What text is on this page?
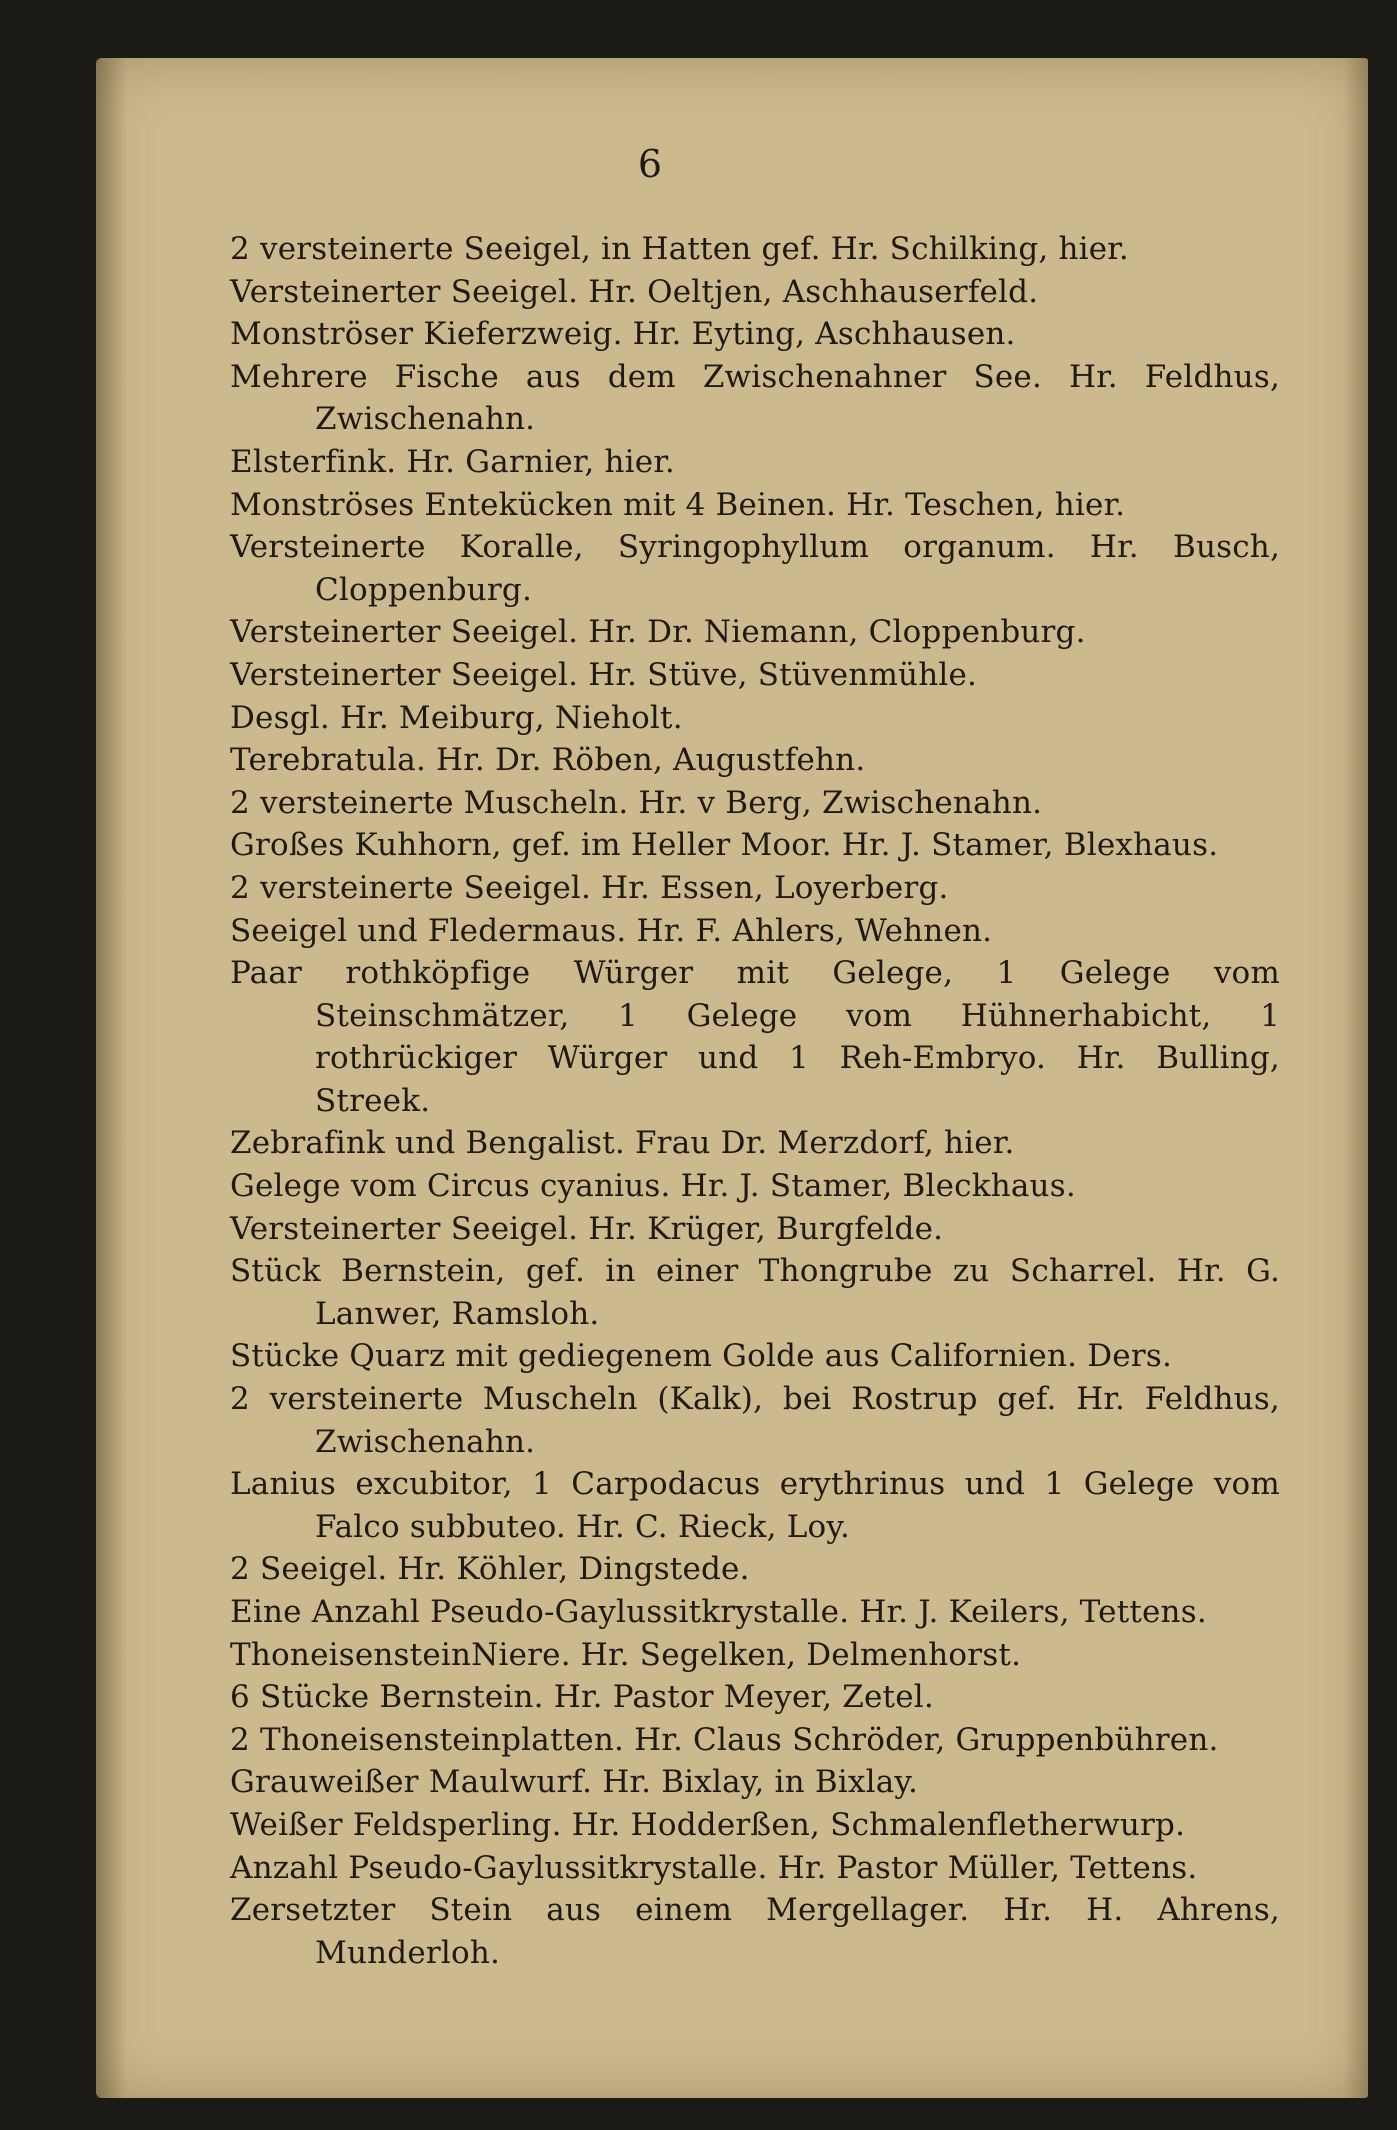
6
2 versteinerte Seeigel, in Hatten gef. Hr. Schilking, hier.
Versteinerter Seeigel. Hr. Oeltjen, Aschhauserfeld.
Monströser Kieferzweig. Hr. Eyting, Aschhausen.
Mehrere Fische aus dem Zwischenahner See. Hr. Feldhus, Zwischenahn.
Elsterfink. Hr. Garnier, hier.
Monströses Entekücken mit 4 Beinen. Hr. Teschen, hier.
Versteinerte Koralle, Syringophyllum organum. Hr. Busch, Cloppenburg.
Versteinerter Seeigel. Hr. Dr. Niemann, Cloppenburg.
Versteinerter Seeigel. Hr. Stüve, Stüvenmühle.
Desgl. Hr. Meiburg, Nieholt.
Terebratula. Hr. Dr. Röben, Augustfehn.
2 versteinerte Muscheln. Hr. v Berg, Zwischenahn.
Großes Kuhhorn, gef. im Heller Moor. Hr. J. Stamer, Blexhaus.
2 versteinerte Seeigel. Hr. Essen, Loyerberg.
Seeigel und Fledermaus. Hr. F. Ahlers, Wehnen.
Paar rothköpfige Würger mit Gelege, 1 Gelege vom Steinschmätzer, 1 Gelege vom Hühnerhabicht, 1 rothrückiger Würger und 1 Reh-Embryo. Hr. Bulling, Streek.
Zebrafink und Bengalist. Frau Dr. Merzdorf, hier.
Gelege vom Circus cyanius. Hr. J. Stamer, Bleckhaus.
Versteinerter Seeigel. Hr. Krüger, Burgfelde.
Stück Bernstein, gef. in einer Thongrube zu Scharrel. Hr. G. Lanwer, Ramsloh.
Stücke Quarz mit gediegenem Golde aus Californien. Ders.
2 versteinerte Muscheln (Kalk), bei Rostrup gef. Hr. Feldhus, Zwischenahn.
Lanius excubitor, 1 Carpodacus erythrinus und 1 Gelege vom Falco subbuteo. Hr. C. Rieck, Loy.
2 Seeigel. Hr. Köhler, Dingstede.
Eine Anzahl Pseudo-Gaylussitkrystalle. Hr. J. Keilers, Tettens.
ThoneisensteinNiere. Hr. Segelken, Delmenhorst.
6 Stücke Bernstein. Hr. Pastor Meyer, Zetel.
2 Thoneisensteinplatten. Hr. Claus Schröder, Gruppenbühren.
Grauweißer Maulwurf. Hr. Bixlay, in Bixlay.
Weißer Feldsperling. Hr. Hodderßen, Schmalenfletherwurp.
Anzahl Pseudo-Gaylussitkrystalle. Hr. Pastor Müller, Tettens.
Zersetzter Stein aus einem Mergellager. Hr. H. Ahrens, Munderloh.
